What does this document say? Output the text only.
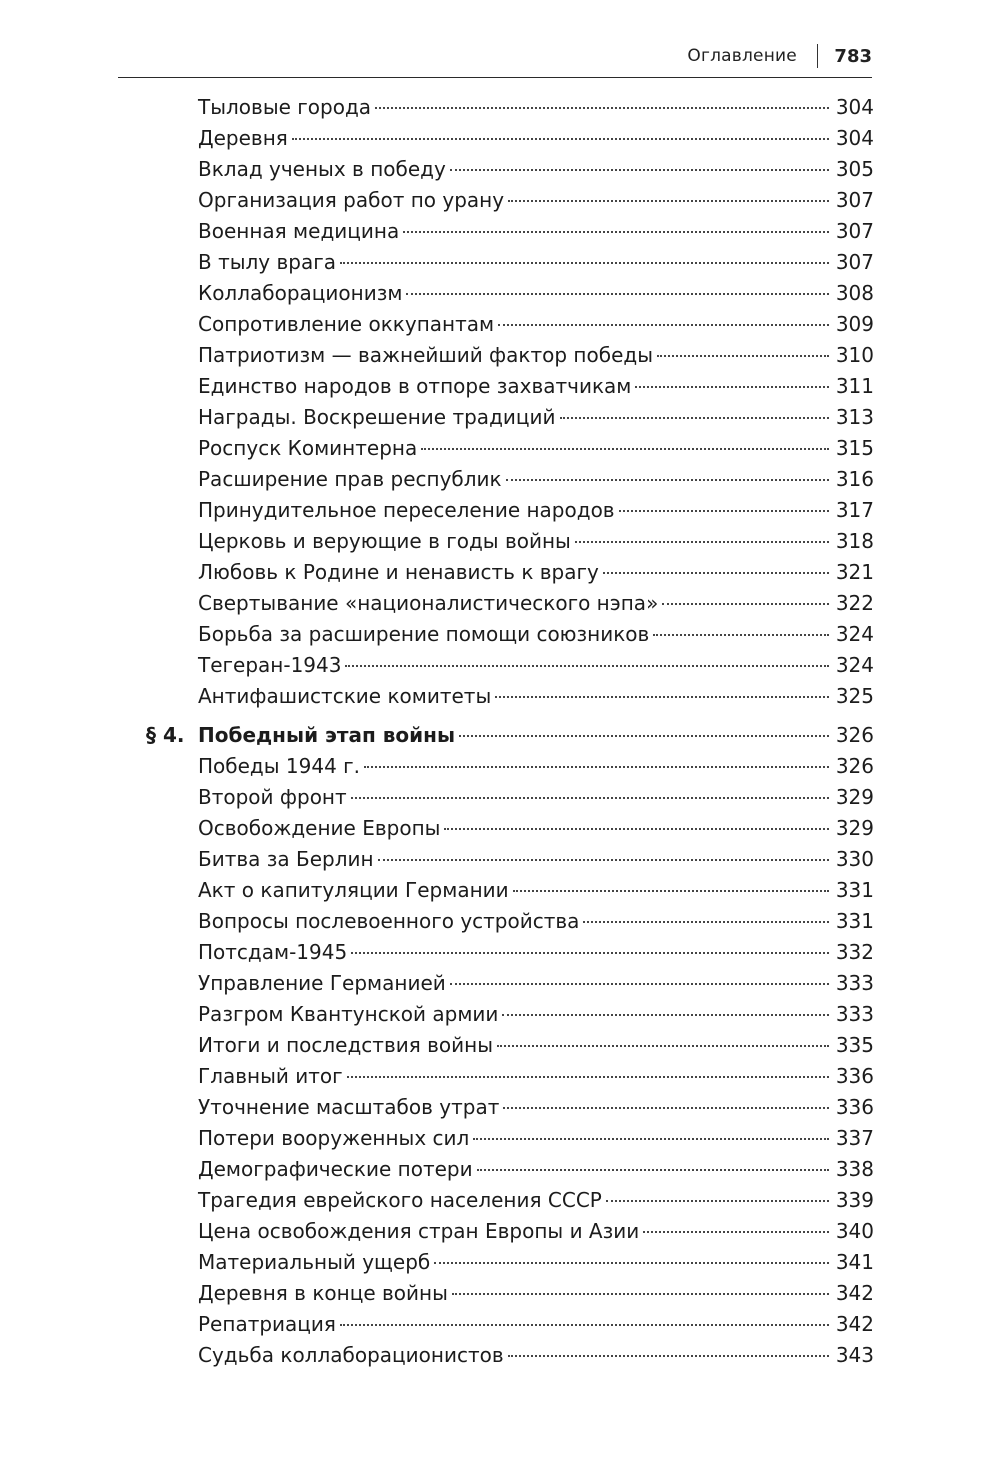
Оглавление 783
Тыловые города	304
Деревня	304
Вклад ученых в победу	305
Организация работ по урану	307
Военная медицина	307
В тылу врага	307
Коллаборационизм	308
Сопротивление оккупантам	309
Патриотизм — важнейший фактор победы	310
Единство народов в отпоре захватчикам	311
Награды. Воскрешение традиций	313
Роспуск Коминтерна	315
Расширение прав республик	316
Принудительное переселение народов	317
Церковь и верующие в годы войны	318
Любовь к Родине и ненависть к врагу	321
Свертывание «националистического нэпа»	322
Борьба за расширение помощи союзников	324
Тегеран-1943	324
Антифашистские комитеты	325
§ 4. Победный этап войны	326
Победы 1944 г.	326
Второй фронт	329
Освобождение Европы	329
Битва за Берлин	330
Акт о капитуляции Германии	331
Вопросы послевоенного устройства	331
Потсдам-1945	332
Управление Германией	333
Разгром Квантунской армии	333
Итоги и последствия войны	335
Главный итог	336
Уточнение масштабов утрат	336
Потери вооруженных сил	337
Демографические потери	338
Трагедия еврейского населения СССР	339
Цена освобождения стран Европы и Азии	340
Материальный ущерб	341
Деревня в конце войны	342
Репатриация	342
Судьба коллаборационистов	343
